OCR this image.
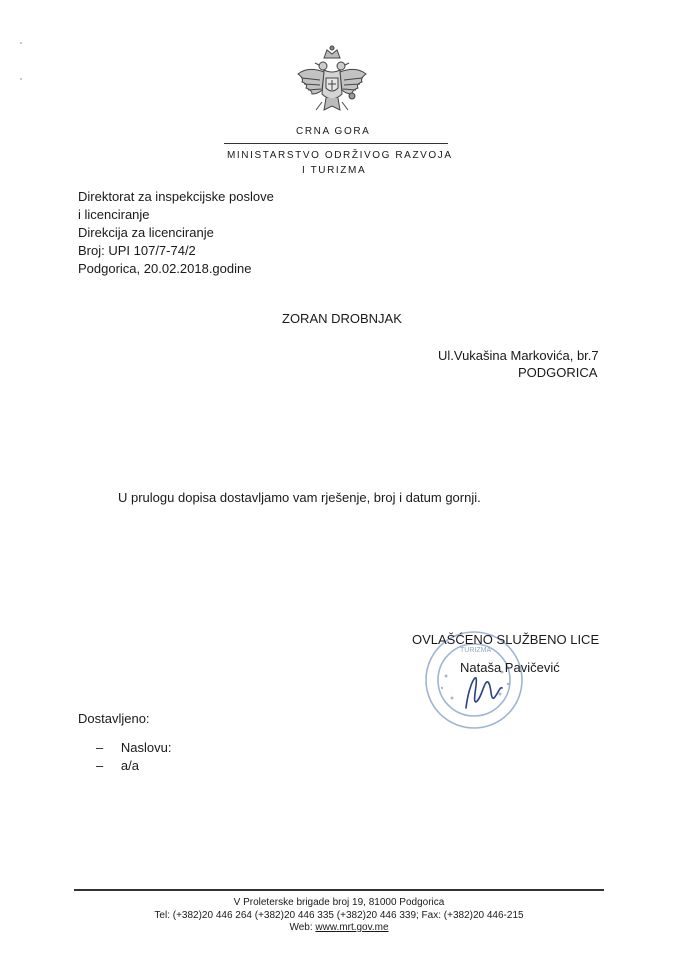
CRNA GORA
MINISTARSTVO ODRŽIVOG RAZVOJA
I TURIZMA
Direktorat za inspekcijske poslove
i licenciranje
Direkcija za licenciranje
Broj: UPI 107/7-74/2
Podgorica, 20.02.2018.godine
ZORAN DROBNJAK
Ul.Vukašina Markovića, br.7
PODGORICA
U prulogu dopisa dostavljamo vam rješenje, broj i datum gornji.
TURIZMA
OVLAŠĆENO SLUŽBENO LICE
Nataša Pavičević
Dostavljeno:
– Naslovu:
– a/a
V Proleterske brigade broj 19, 81000 Podgorica
Tel: (+382)20 446 264 (+382)20 446 335 (+382)20 446 339; Fax: (+382)20 446-215
Web: www.mrt.gov.me
